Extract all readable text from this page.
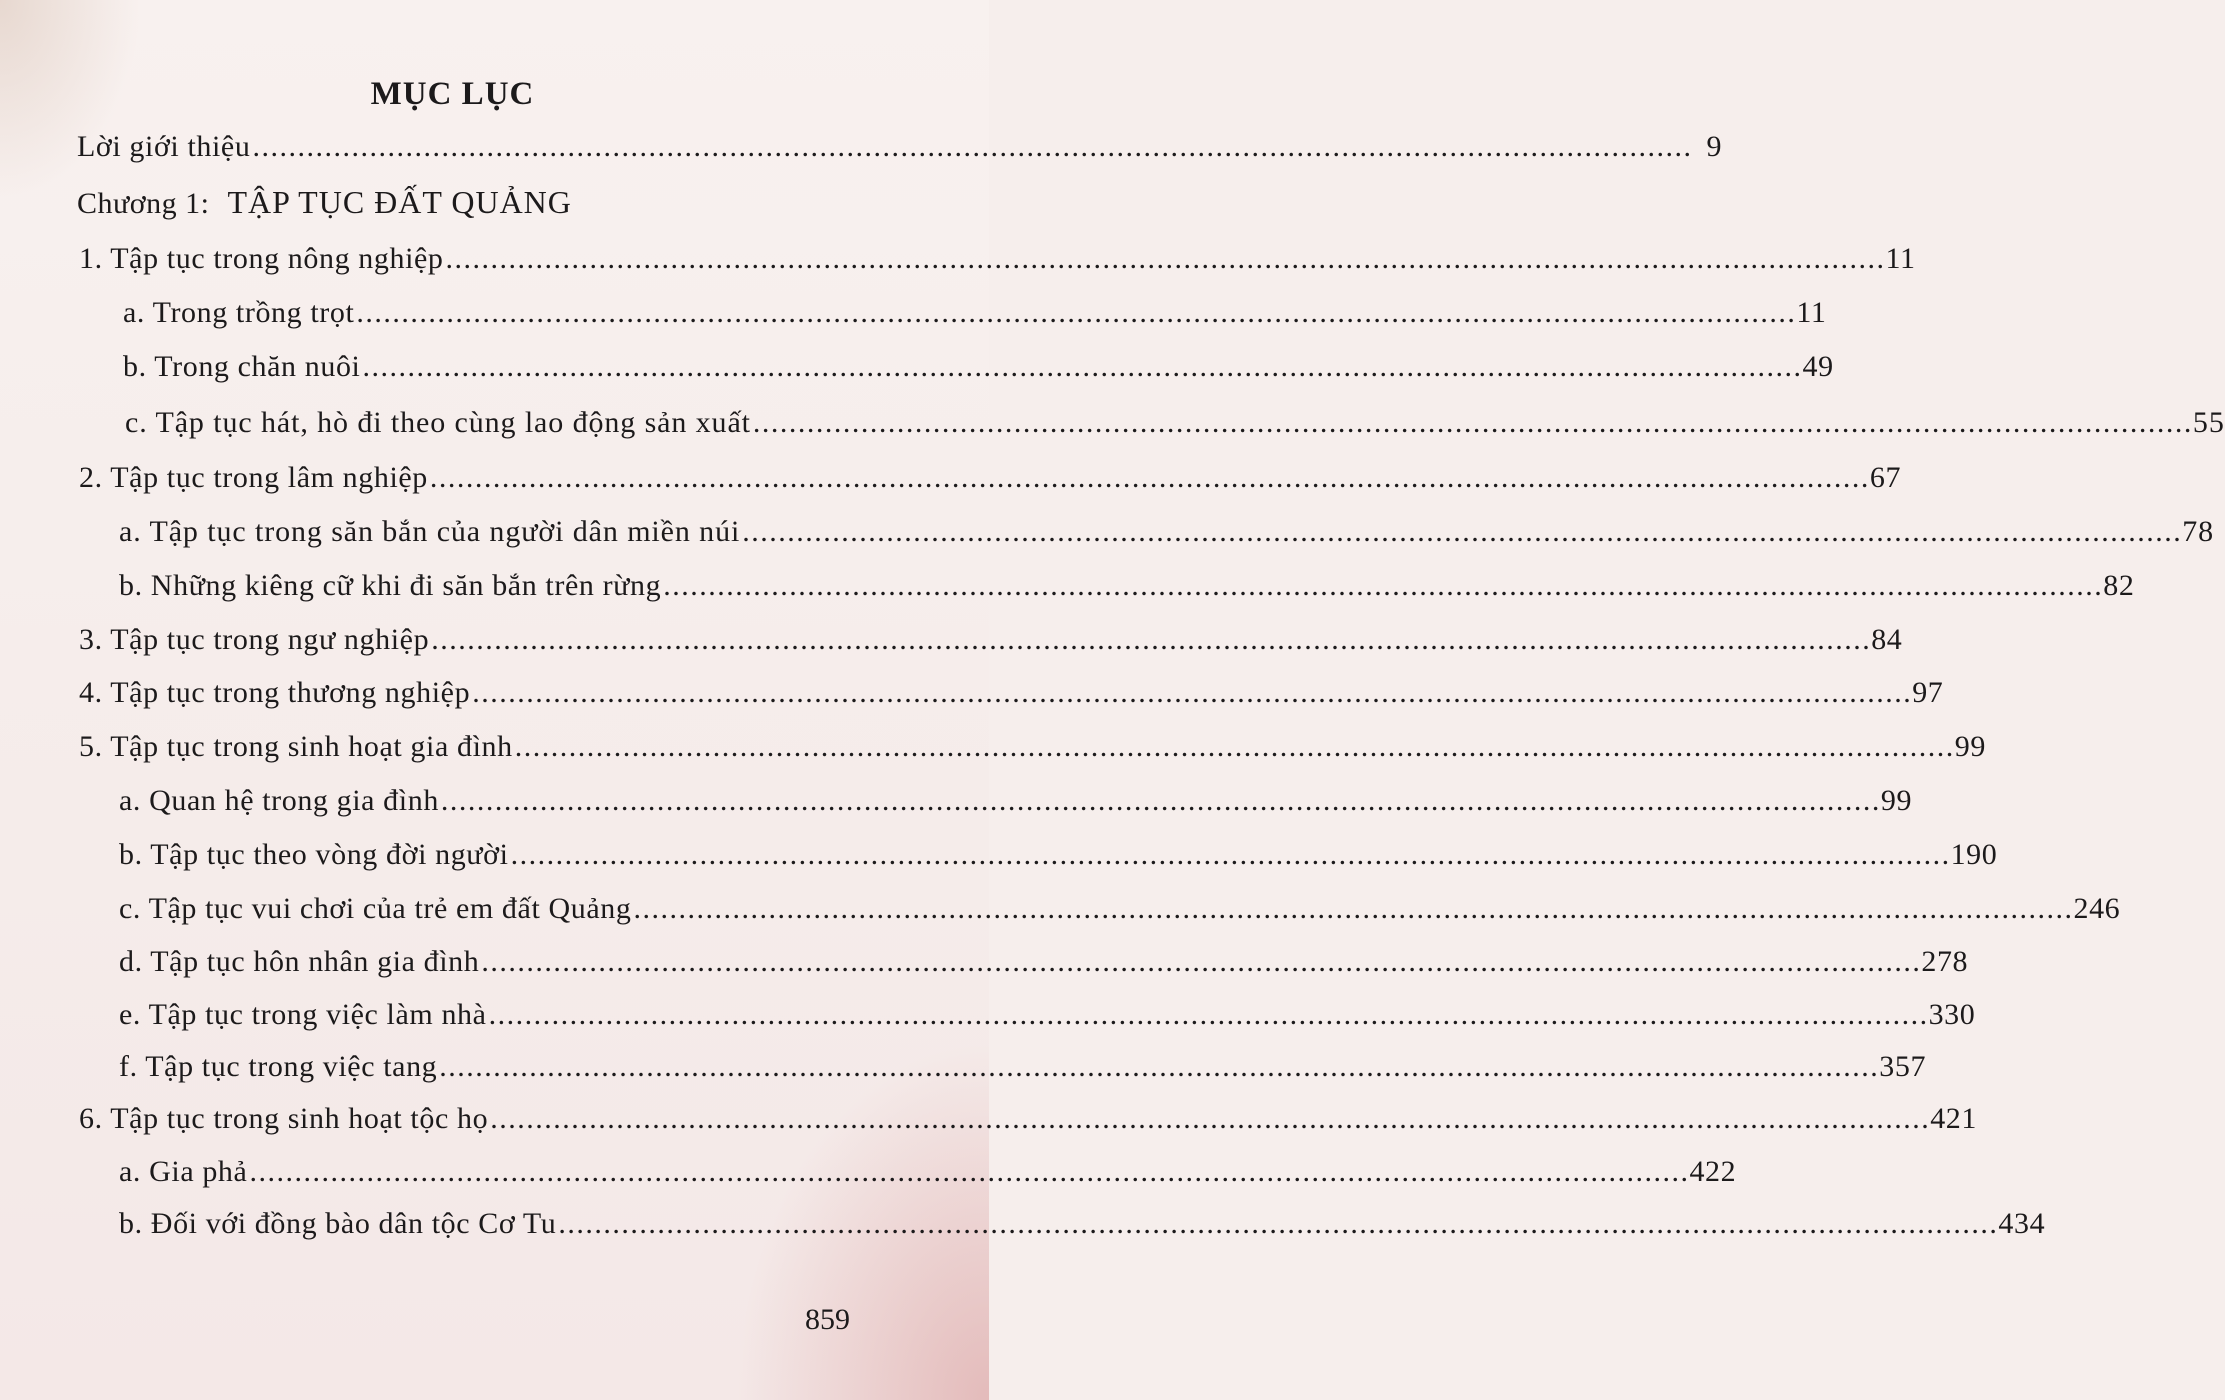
MỤC LỤC
Lời giới thiệu ................................................................................................................................................................ 9
Chương 1: TẬP TỤC ĐẤT QUẢNG
1. Tập tục trong nông nghiệp ................................................................................................................................................................ 11
a. Trong trồng trọt ................................................................................................................................................................ 11
b. Trong chăn nuôi ................................................................................................................................................................ 49
c. Tập tục hát, hò đi theo cùng lao động sản xuất ................................................................................................................................................................ 55
2. Tập tục trong lâm nghiệp ................................................................................................................................................................ 67
a. Tập tục trong săn bắn của người dân miền núi ................................................................................................................................................................ 78
b. Những kiêng cữ khi đi săn bắn trên rừng ................................................................................................................................................................ 82
3. Tập tục trong ngư nghiệp ................................................................................................................................................................ 84
4. Tập tục trong thương nghiệp ................................................................................................................................................................ 97
5. Tập tục trong sinh hoạt gia đình ................................................................................................................................................................ 99
a. Quan hệ trong gia đình ................................................................................................................................................................ 99
b. Tập tục theo vòng đời người ................................................................................................................................................................ 190
c. Tập tục vui chơi của trẻ em đất Quảng ................................................................................................................................................................ 246
d. Tập tục hôn nhân gia đình ................................................................................................................................................................ 278
e. Tập tục trong việc làm nhà ................................................................................................................................................................ 330
f. Tập tục trong việc tang ................................................................................................................................................................ 357
6. Tập tục trong sinh hoạt tộc họ ................................................................................................................................................................ 421
a. Gia phả ................................................................................................................................................................ 422
b. Đối với đồng bào dân tộc Cơ Tu ................................................................................................................................................................ 434
859
